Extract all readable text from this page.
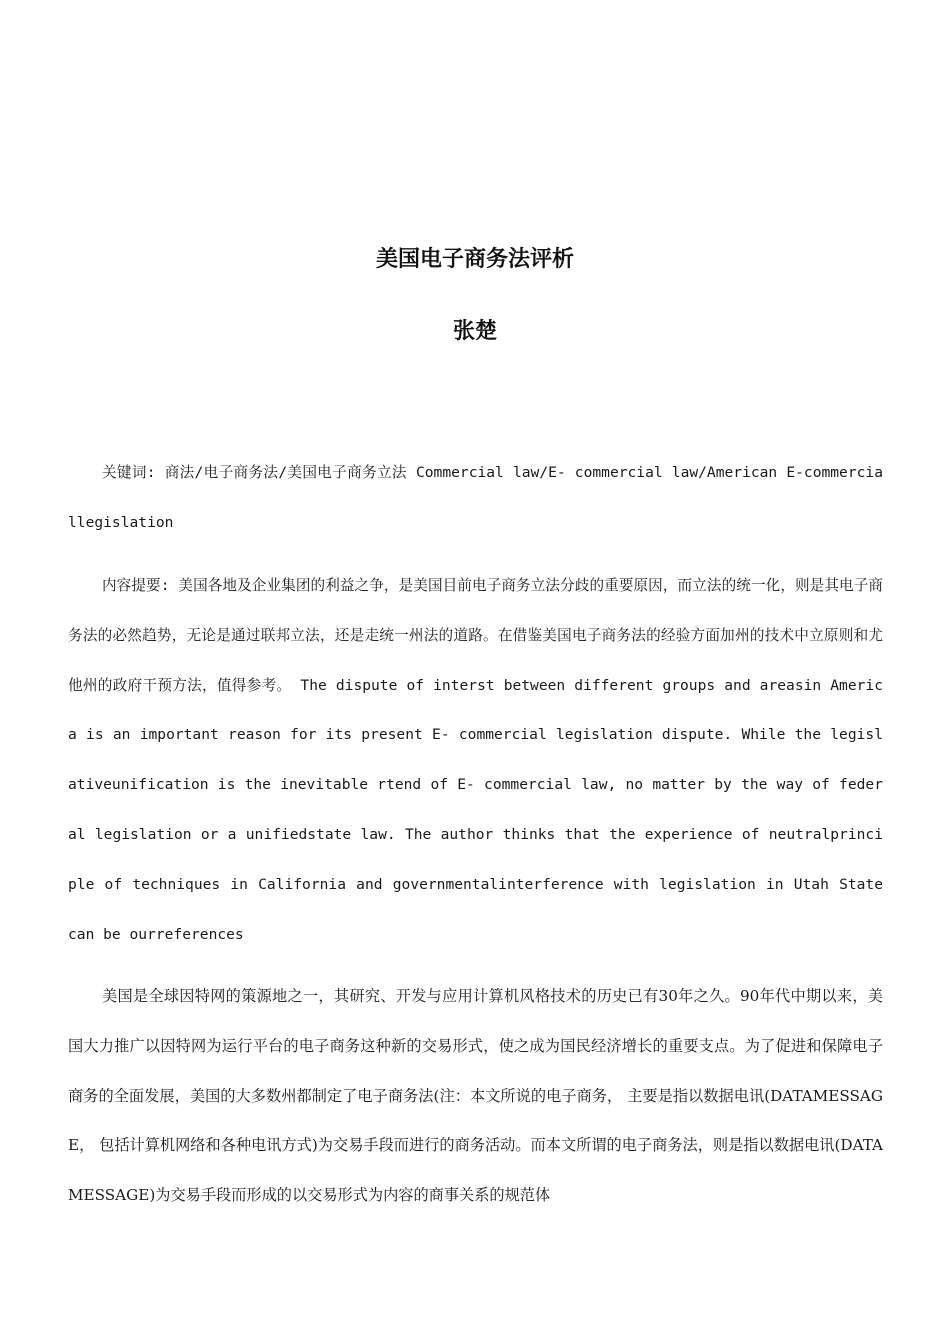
美国电子商务法评析
张楚

关键词: 商法/电子商务法/美国电子商务立法 Commercial law/E- commercial law/American E-commerciallegislation

内容提要: 美国各地及企业集团的利益之争，是美国目前电子商务立法分歧的重要原因，而立法的统一化，则是其电子商务法的必然趋势，无论是通过联邦立法，还是走统一州法的道路。在借鉴美国电子商务法的经验方面加州的技术中立原则和尤他州的政府干预方法，值得参考。 The dispute of interst between different groups and areasin America is an important reason for its present E- commercial legislation dispute. While the legislativeunification is the inevitable rtend of E- commercial law, no matter by the way of federal legislation or a unifiedstate law. The author thinks that the experience of neutralprinciple of techniques in California and governmentalinterference with legislation in Utah State can be ourreferences

美国是全球因特网的策源地之一，其研究、开发与应用计算机风格技术的历史已有30年之久。90年代中期以来，美国大力推广以因特网为运行平台的电子商务这种新的交易形式，使之成为国民经济增长的重要支点。为了促进和保障电子商务的全面发展，美国的大多数州都制定了电子商务法(注：本文所说的电子商务， 主要是指以数据电讯(DATAMESSAGE， 包括计算机网络和各种电讯方式)为交易手段而进行的商务活动。而本文所谓的电子商务法，则是指以数据电讯(DATA MESSAGE)为交易手段而形成的以交易形式为内容的商事关系的规范体
